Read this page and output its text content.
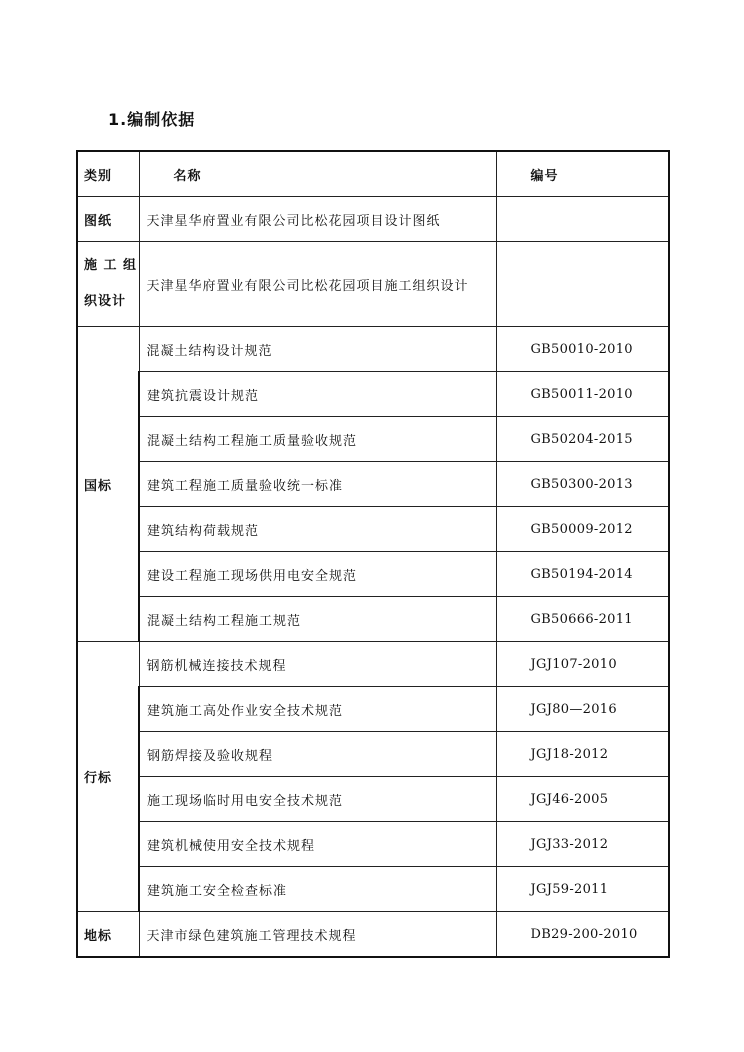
1.编制依据
类别	名称	编号
图纸	天津星华府置业有限公司比松花园项目设计图纸	
施 工 组
织设计	天津星华府置业有限公司比松花园项目施工组织设计	
国标	混凝土结构设计规范	GB50010-2010
	建筑抗震设计规范	GB50011-2010
	混凝土结构工程施工质量验收规范	GB50204-2015
	建筑工程施工质量验收统一标准	GB50300-2013
	建筑结构荷载规范	GB50009-2012
	建设工程施工现场供用电安全规范	GB50194-2014
	混凝土结构工程施工规范	GB50666-2011
行标	钢筋机械连接技术规程	JGJ107-2010
	建筑施工高处作业安全技术规范	JGJ80—2016
	钢筋焊接及验收规程	JGJ18-2012
	施工现场临时用电安全技术规范	JGJ46-2005
	建筑机械使用安全技术规程	JGJ33-2012
	建筑施工安全检查标准	JGJ59-2011
地标	天津市绿色建筑施工管理技术规程	DB29-200-2010
